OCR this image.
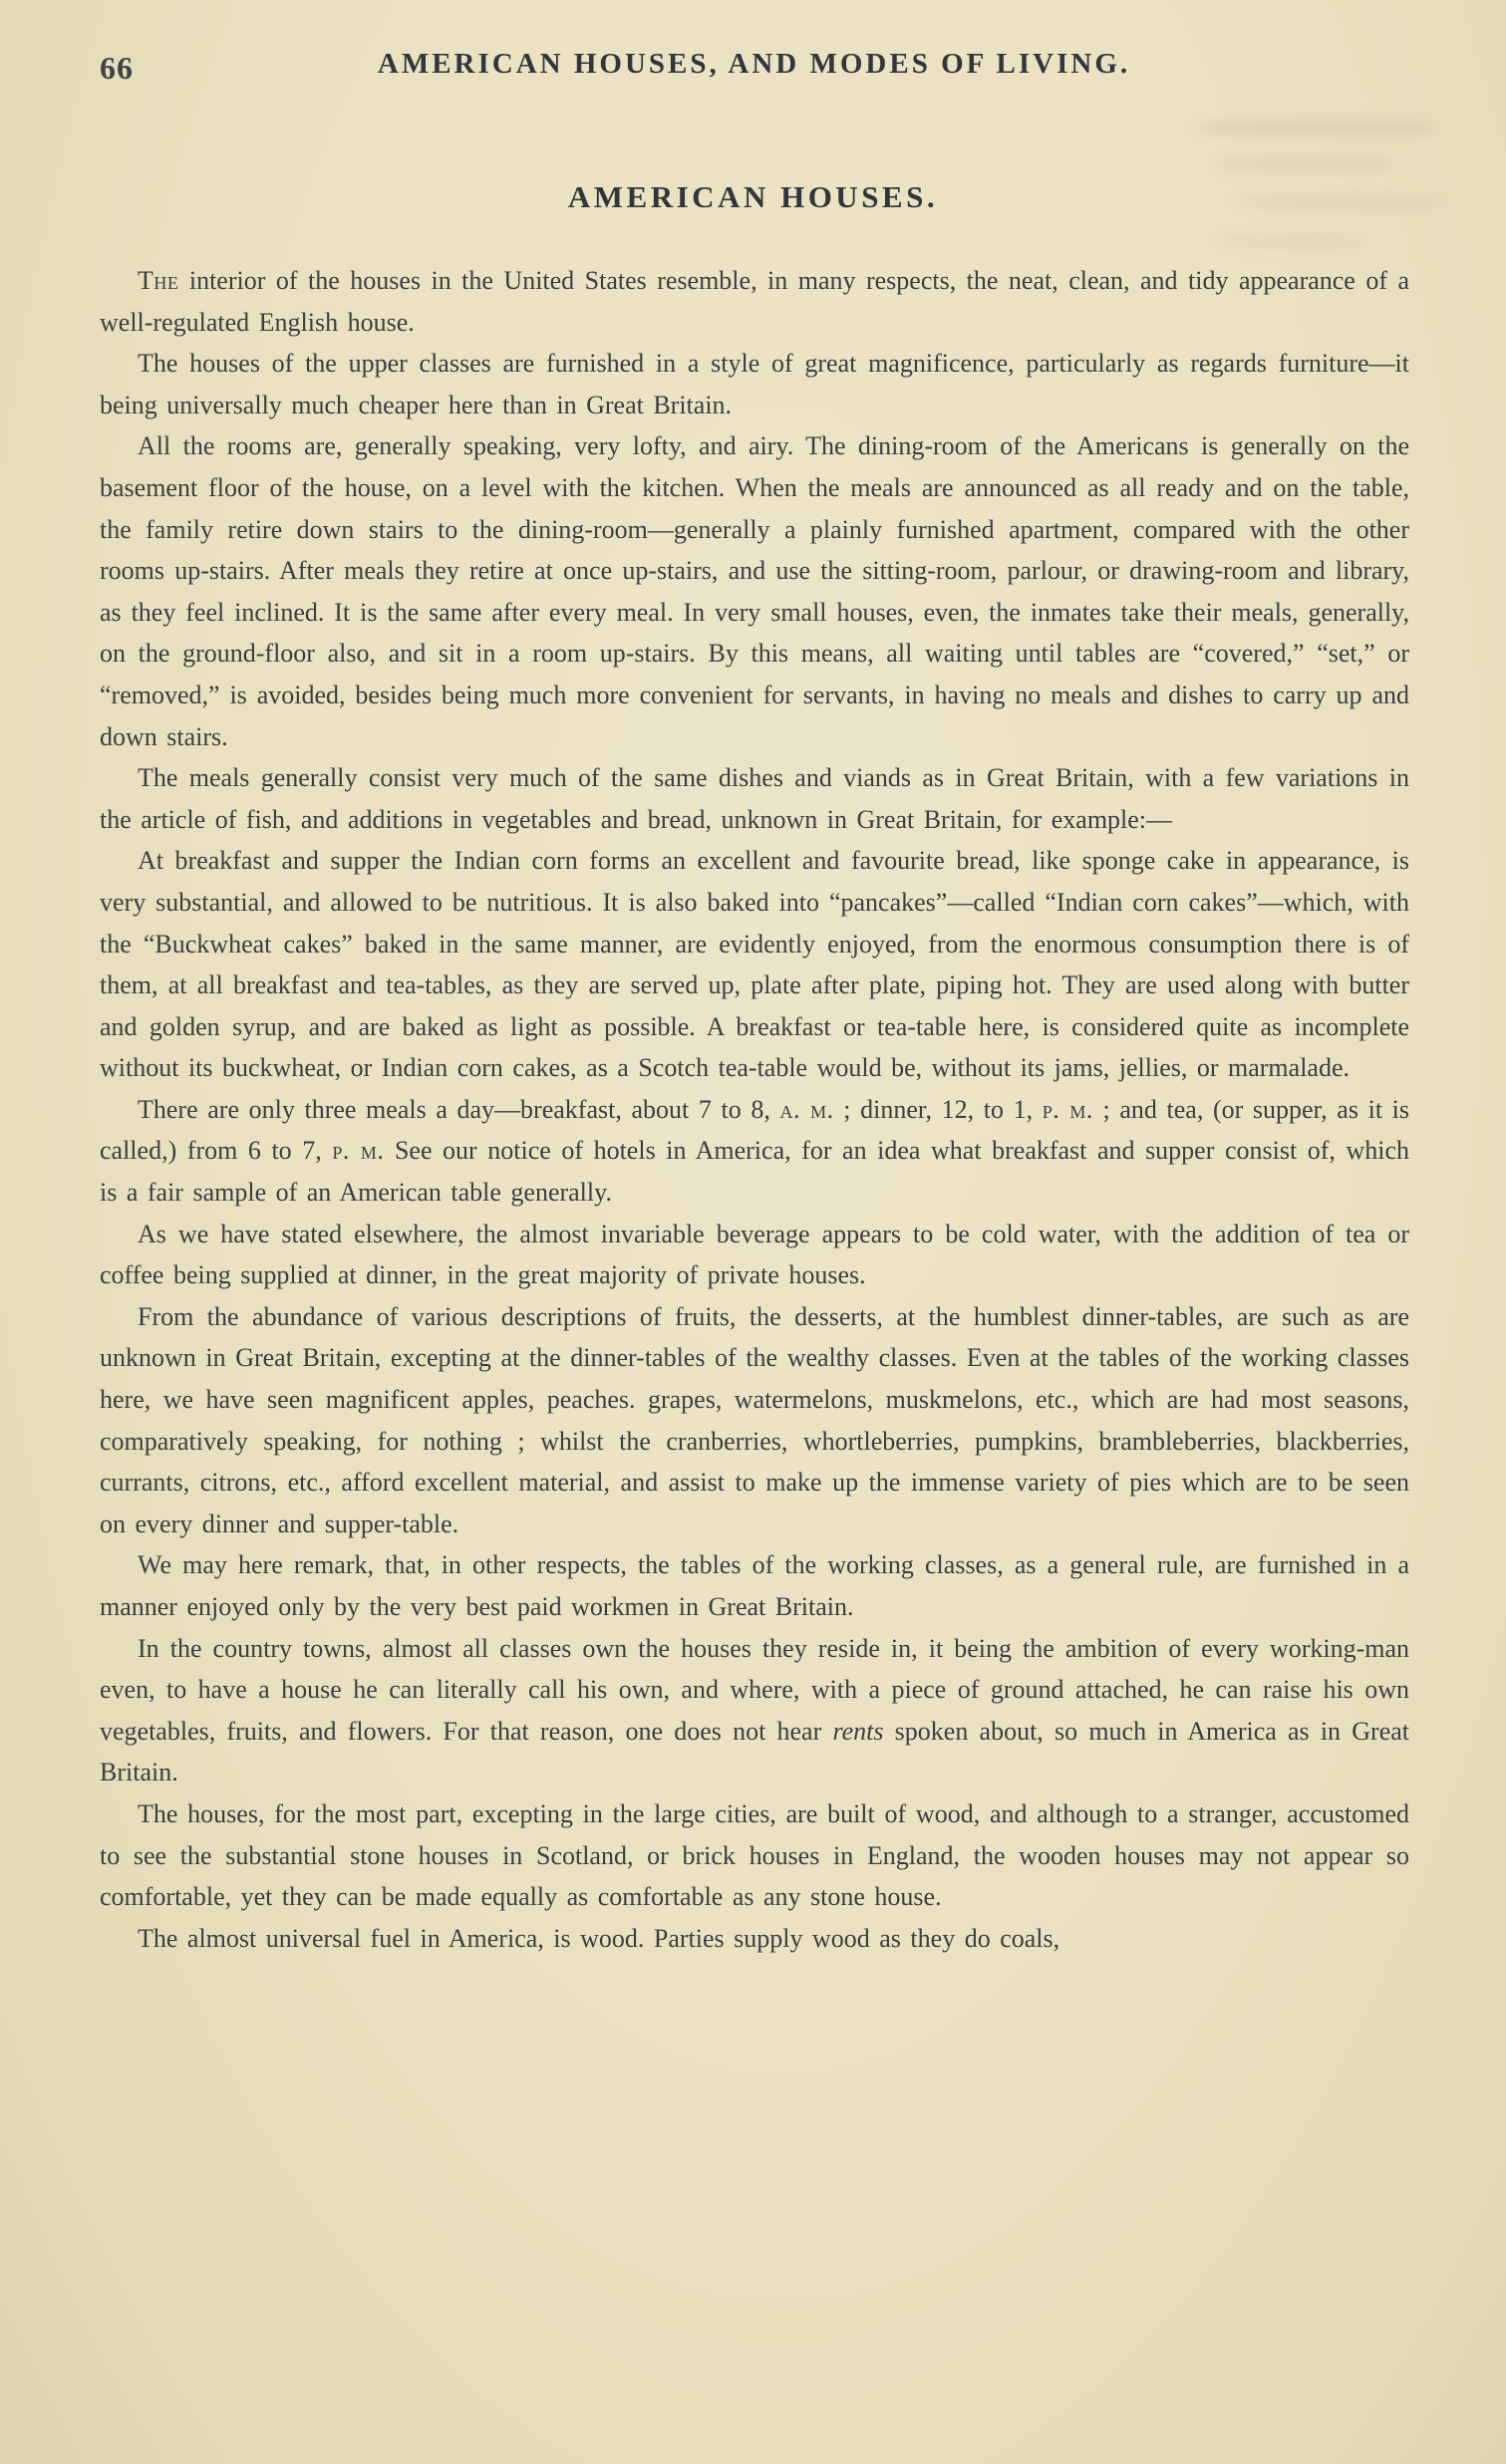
66	AMERICAN HOUSES, AND MODES OF LIVING.
AMERICAN HOUSES.

The interior of the houses in the United States resemble, in many respects, the neat, clean, and tidy appearance of a well-regulated English house.

The houses of the upper classes are furnished in a style of great magnificence, particularly as regards furniture—it being universally much cheaper here than in Great Britain.

All the rooms are, generally speaking, very lofty, and airy. The dining-room of the Americans is generally on the basement floor of the house, on a level with the kitchen. When the meals are announced as all ready and on the table, the family retire down stairs to the dining-room—generally a plainly furnished apartment, compared with the other rooms up-stairs. After meals they retire at once up-stairs, and use the sitting-room, parlour, or drawing-room and library, as they feel inclined. It is the same after every meal. In very small houses, even, the inmates take their meals, generally, on the ground-floor also, and sit in a room up-stairs. By this means, all waiting until tables are “covered,” “set,” or “removed,” is avoided, besides being much more convenient for servants, in having no meals and dishes to carry up and down stairs.

The meals generally consist very much of the same dishes and viands as in Great Britain, with a few variations in the article of fish, and additions in vegetables and bread, unknown in Great Britain, for example:—

At breakfast and supper the Indian corn forms an excellent and favourite bread, like sponge cake in appearance, is very substantial, and allowed to be nutritious. It is also baked into “pancakes”—called “Indian corn cakes”—which, with the “Buckwheat cakes” baked in the same manner, are evidently enjoyed, from the enormous consumption there is of them, at all breakfast and tea-tables, as they are served up, plate after plate, piping hot. They are used along with butter and golden syrup, and are baked as light as possible. A breakfast or tea-table here, is considered quite as incomplete without its buckwheat, or Indian corn cakes, as a Scotch tea-table would be, without its jams, jellies, or marmalade.

There are only three meals a day—breakfast, about 7 to 8, a. m. ; dinner, 12, to 1, p. m. ; and tea, (or supper, as it is called,) from 6 to 7, p. m. See our notice of hotels in America, for an idea what breakfast and supper consist of, which is a fair sample of an American table generally.

As we have stated elsewhere, the almost invariable beverage appears to be cold water, with the addition of tea or coffee being supplied at dinner, in the great majority of private houses.

From the abundance of various descriptions of fruits, the desserts, at the humblest dinner-tables, are such as are unknown in Great Britain, excepting at the dinner-tables of the wealthy classes. Even at the tables of the working classes here, we have seen magnificent apples, peaches. grapes, watermelons, muskmelons, etc., which are had most seasons, comparatively speaking, for nothing ; whilst the cranberries, whortleberries, pumpkins, brambleberries, blackberries, currants, citrons, etc., afford excellent material, and assist to make up the immense variety of pies which are to be seen on every dinner and supper-table.

We may here remark, that, in other respects, the tables of the working classes, as a general rule, are furnished in a manner enjoyed only by the very best paid workmen in Great Britain.

In the country towns, almost all classes own the houses they reside in, it being the ambition of every working-man even, to have a house he can literally call his own, and where, with a piece of ground attached, he can raise his own vegetables, fruits, and flowers. For that reason, one does not hear rents spoken about, so much in America as in Great Britain.

The houses, for the most part, excepting in the large cities, are built of wood, and although to a stranger, accustomed to see the substantial stone houses in Scotland, or brick houses in England, the wooden houses may not appear so comfortable, yet they can be made equally as comfortable as any stone house.

The almost universal fuel in America, is wood. Parties supply wood as they do coals,
